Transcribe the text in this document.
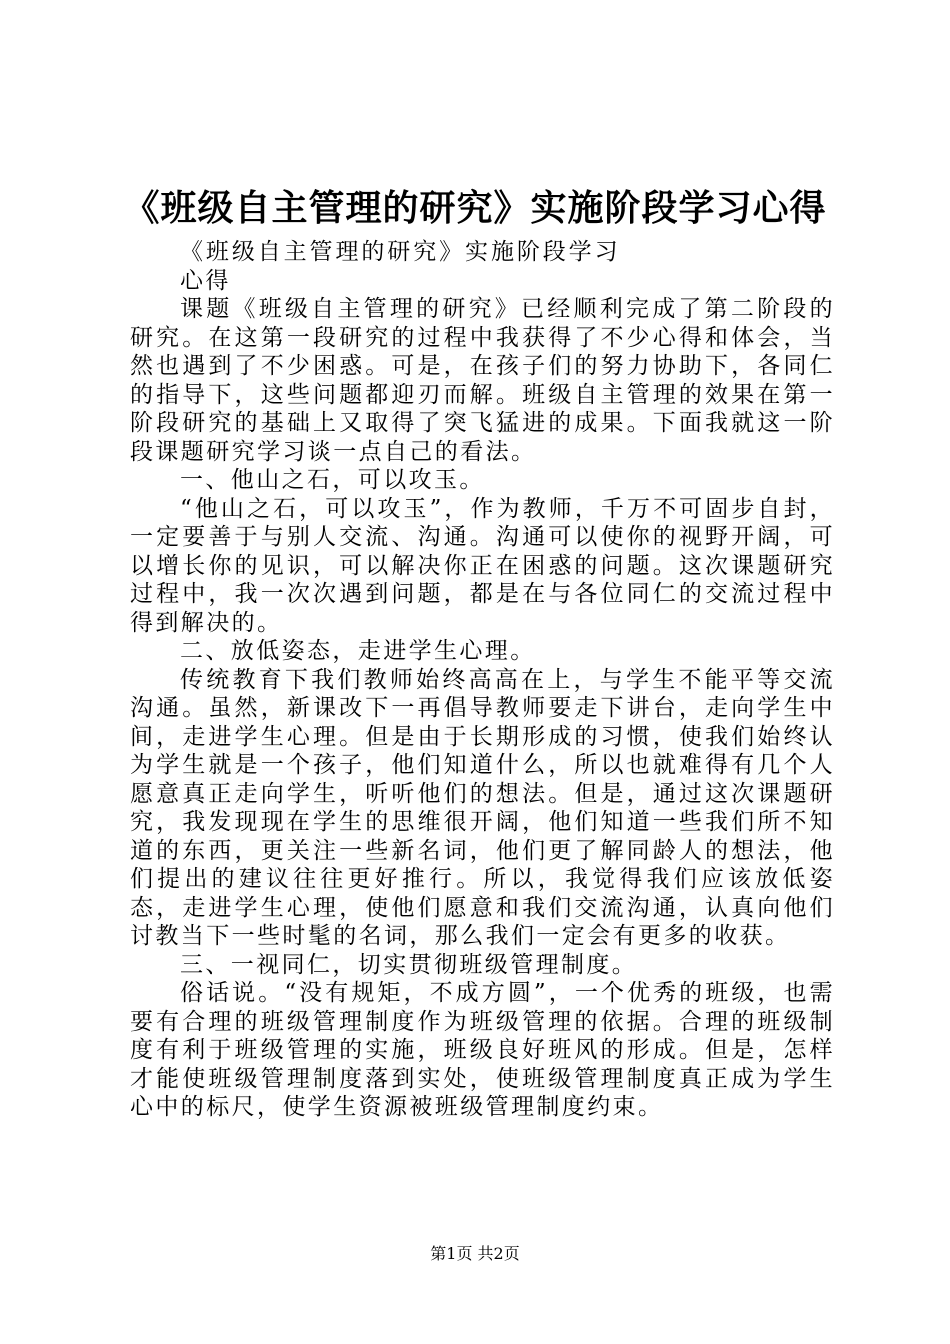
《班级自主管理的研究》实施阶段学习心得

《班级自主管理的研究》实施阶段学习心得

课题《班级自主管理的研究》已经顺利完成了第二阶段的研究。在这第一段研究的过程中我获得了不少心得和体会，当然也遇到了不少困惑。可是，在孩子们的努力协助下，各同仁的指导下，这些问题都迎刃而解。班级自主管理的效果在第一阶段研究的基础上又取得了突飞猛进的成果。下面我就这一阶段课题研究学习谈一点自己的看法。

一、他山之石，可以攻玉。

“他山之石，可以攻玉”，作为教师，千万不可固步自封，一定要善于与别人交流、沟通。沟通可以使你的视野开阔，可以增长你的见识，可以解决你正在困惑的问题。这次课题研究过程中，我一次次遇到问题，都是在与各位同仁的交流过程中得到解决的。

二、放低姿态，走进学生心理。

传统教育下我们教师始终高高在上，与学生不能平等交流沟通。虽然，新课改下一再倡导教师要走下讲台，走向学生中间，走进学生心理。但是由于长期形成的习惯，使我们始终认为学生就是一个孩子，他们知道什么，所以也就难得有几个人愿意真正走向学生，听听他们的想法。但是，通过这次课题研究，我发现现在学生的思维很开阔，他们知道一些我们所不知道的东西，更关注一些新名词，他们更了解同龄人的想法，他们提出的建议往往更好推行。所以，我觉得我们应该放低姿态，走进学生心理，使他们愿意和我们交流沟通，认真向他们讨教当下一些时髦的名词，那么我们一定会有更多的收获。

三、一视同仁，切实贯彻班级管理制度。

俗话说。“没有规矩，不成方圆”，一个优秀的班级，也需要有合理的班级管理制度作为班级管理的依据。合理的班级制度有利于班级管理的实施，班级良好班风的形成。但是，怎样才能使班级管理制度落到实处，使班级管理制度真正成为学生心中的标尺，使学生资源被班级管理制度约束。

第1页 共2页
